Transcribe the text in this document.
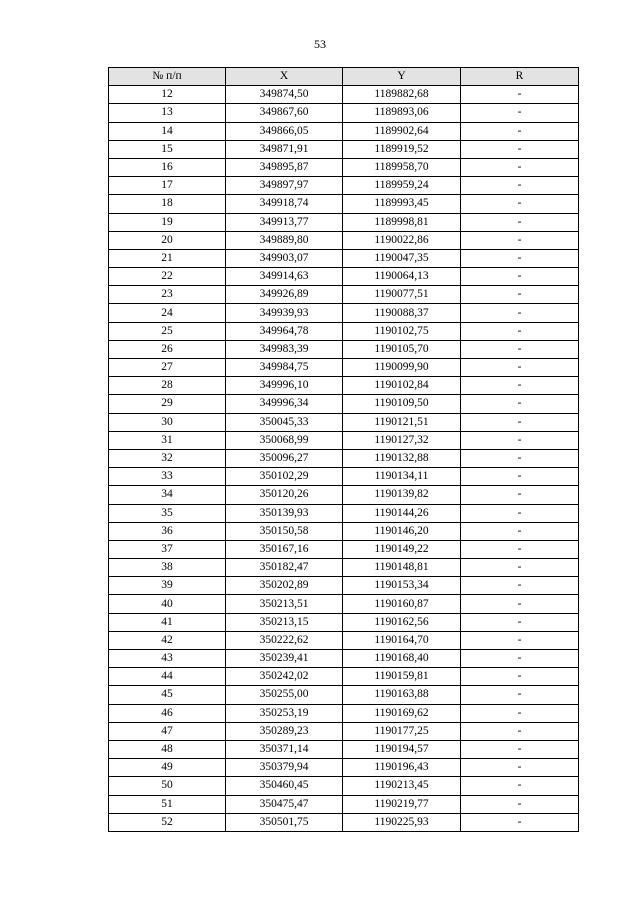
53
№ п/п	X	Y	R
12	349874,50	1189882,68	-
13	349867,60	1189893,06	-
14	349866,05	1189902,64	-
15	349871,91	1189919,52	-
16	349895,87	1189958,70	-
17	349897,97	1189959,24	-
18	349918,74	1189993,45	-
19	349913,77	1189998,81	-
20	349889,80	1190022,86	-
21	349903,07	1190047,35	-
22	349914,63	1190064,13	-
23	349926,89	1190077,51	-
24	349939,93	1190088,37	-
25	349964,78	1190102,75	-
26	349983,39	1190105,70	-
27	349984,75	1190099,90	-
28	349996,10	1190102,84	-
29	349996,34	1190109,50	-
30	350045,33	1190121,51	-
31	350068,99	1190127,32	-
32	350096,27	1190132,88	-
33	350102,29	1190134,11	-
34	350120,26	1190139,82	-
35	350139,93	1190144,26	-
36	350150,58	1190146,20	-
37	350167,16	1190149,22	-
38	350182,47	1190148,81	-
39	350202,89	1190153,34	-
40	350213,51	1190160,87	-
41	350213,15	1190162,56	-
42	350222,62	1190164,70	-
43	350239,41	1190168,40	-
44	350242,02	1190159,81	-
45	350255,00	1190163,88	-
46	350253,19	1190169,62	-
47	350289,23	1190177,25	-
48	350371,14	1190194,57	-
49	350379,94	1190196,43	-
50	350460,45	1190213,45	-
51	350475,47	1190219,77	-
52	350501,75	1190225,93	-
